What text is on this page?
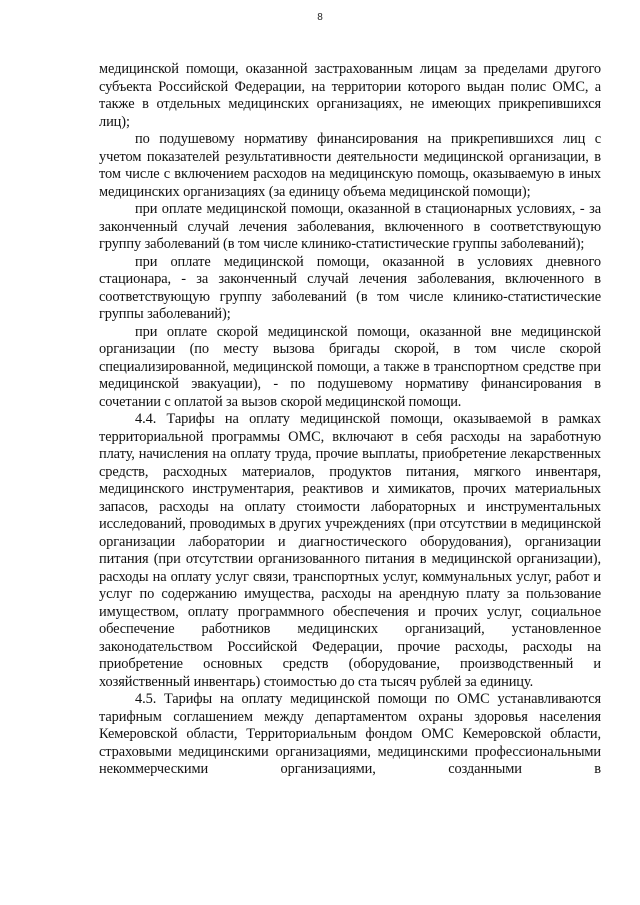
8

медицинской помощи, оказанной застрахованным лицам за пределами другого субъекта Российской Федерации, на территории которого выдан полис ОМС, а также в отдельных медицинских организациях, не имеющих прикрепившихся лиц);

по подушевому нормативу финансирования на прикрепившихся лиц с учетом показателей результативности деятельности медицинской организации, в том числе с включением расходов на медицинскую помощь, оказываемую в иных медицинских организациях (за единицу объема медицинской помощи);

при оплате медицинской помощи, оказанной в стационарных условиях, - за законченный случай лечения заболевания, включенного в соответствующую группу заболеваний (в том числе клинико-статистические группы заболеваний);

при оплате медицинской помощи, оказанной в условиях дневного стационара, - за законченный случай лечения заболевания, включенного в соответствующую группу заболеваний (в том числе клинико-статистические группы заболеваний);

при оплате скорой медицинской помощи, оказанной вне медицинской организации (по месту вызова бригады скорой, в том числе скорой специализированной, медицинской помощи, а также в транспортном средстве при медицинской эвакуации), - по подушевому нормативу финансирования в сочетании с оплатой за вызов скорой медицинской помощи.

4.4. Тарифы на оплату медицинской помощи, оказываемой в рамках территориальной программы ОМС, включают в себя расходы на заработную плату, начисления на оплату труда, прочие выплаты, приобретение лекарственных средств, расходных материалов, продуктов питания, мягкого инвентаря, медицинского инструментария, реактивов и химикатов, прочих материальных запасов, расходы на оплату стоимости лабораторных и инструментальных исследований, проводимых в других учреждениях (при отсутствии в медицинской организации лаборатории и диагностического оборудования), организации питания (при отсутствии организованного питания в медицинской организации), расходы на оплату услуг связи, транспортных услуг, коммунальных услуг, работ и услуг по содержанию имущества, расходы на арендную плату за пользование имуществом, оплату программного обеспечения и прочих услуг, социальное обеспечение работников медицинских организаций, установленное законодательством Российской Федерации, прочие расходы, расходы на приобретение основных средств (оборудование, производственный и хозяйственный инвентарь) стоимостью до ста тысяч рублей за единицу.

4.5. Тарифы на оплату медицинской помощи по ОМС устанавливаются тарифным соглашением между департаментом охраны здоровья населения Кемеровской области, Территориальным фондом ОМС Кемеровской области, страховыми медицинскими организациями, медицинскими профессиональными некоммерческими организациями, созданными в
